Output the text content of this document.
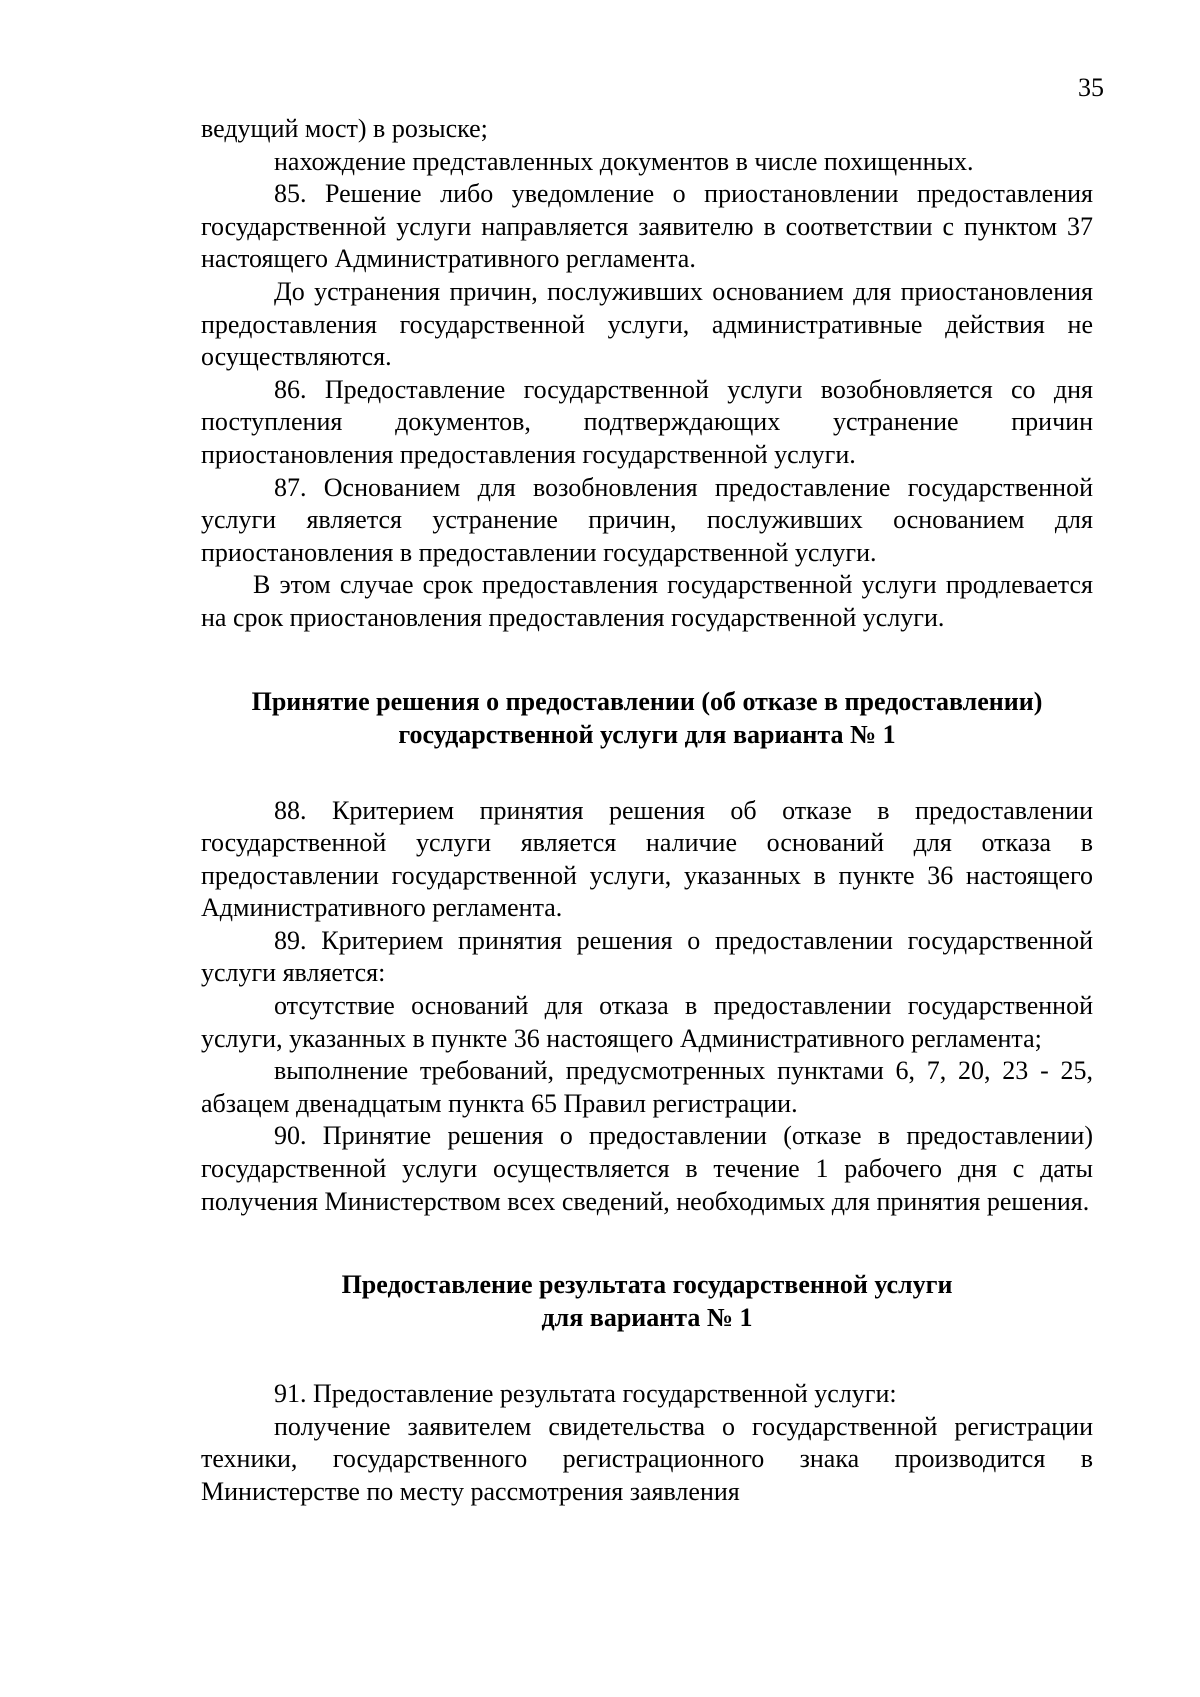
35

ведущий мост) в розыске;

нахождение представленных документов в числе похищенных.

85. Решение либо уведомление о приостановлении предоставления государственной услуги направляется заявителю в соответствии с пунктом 37 настоящего Административного регламента.

До устранения причин, послуживших основанием для приостановления предоставления государственной услуги, административные действия не осуществляются.

86. Предоставление государственной услуги возобновляется со дня поступления документов, подтверждающих устранение причин приостановления предоставления государственной услуги.

87. Основанием для возобновления предоставление государственной услуги является устранение причин, послуживших основанием для приостановления в предоставлении государственной услуги.

В этом случае срок предоставления государственной услуги продлевается на срок приостановления предоставления государственной услуги.

Принятие решения о предоставлении (об отказе в предоставлении)
государственной услуги для варианта № 1

88. Критерием принятия решения об отказе в предоставлении государственной услуги является наличие оснований для отказа в предоставлении государственной услуги, указанных в пункте 36 настоящего Административного регламента.

89. Критерием принятия решения о предоставлении государственной услуги является:

отсутствие оснований для отказа в предоставлении государственной услуги, указанных в пункте 36 настоящего Административного регламента;

выполнение требований, предусмотренных пунктами 6, 7, 20, 23 - 25, абзацем двенадцатым пункта 65 Правил регистрации.

90. Принятие решения о предоставлении (отказе в предоставлении) государственной услуги осуществляется в течение 1 рабочего дня с даты получения Министерством всех сведений, необходимых для принятия решения.

Предоставление результата государственной услуги
для варианта № 1

91. Предоставление результата государственной услуги:

получение заявителем свидетельства о государственной регистрации техники, государственного регистрационного знака производится в Министерстве по месту рассмотрения заявления
